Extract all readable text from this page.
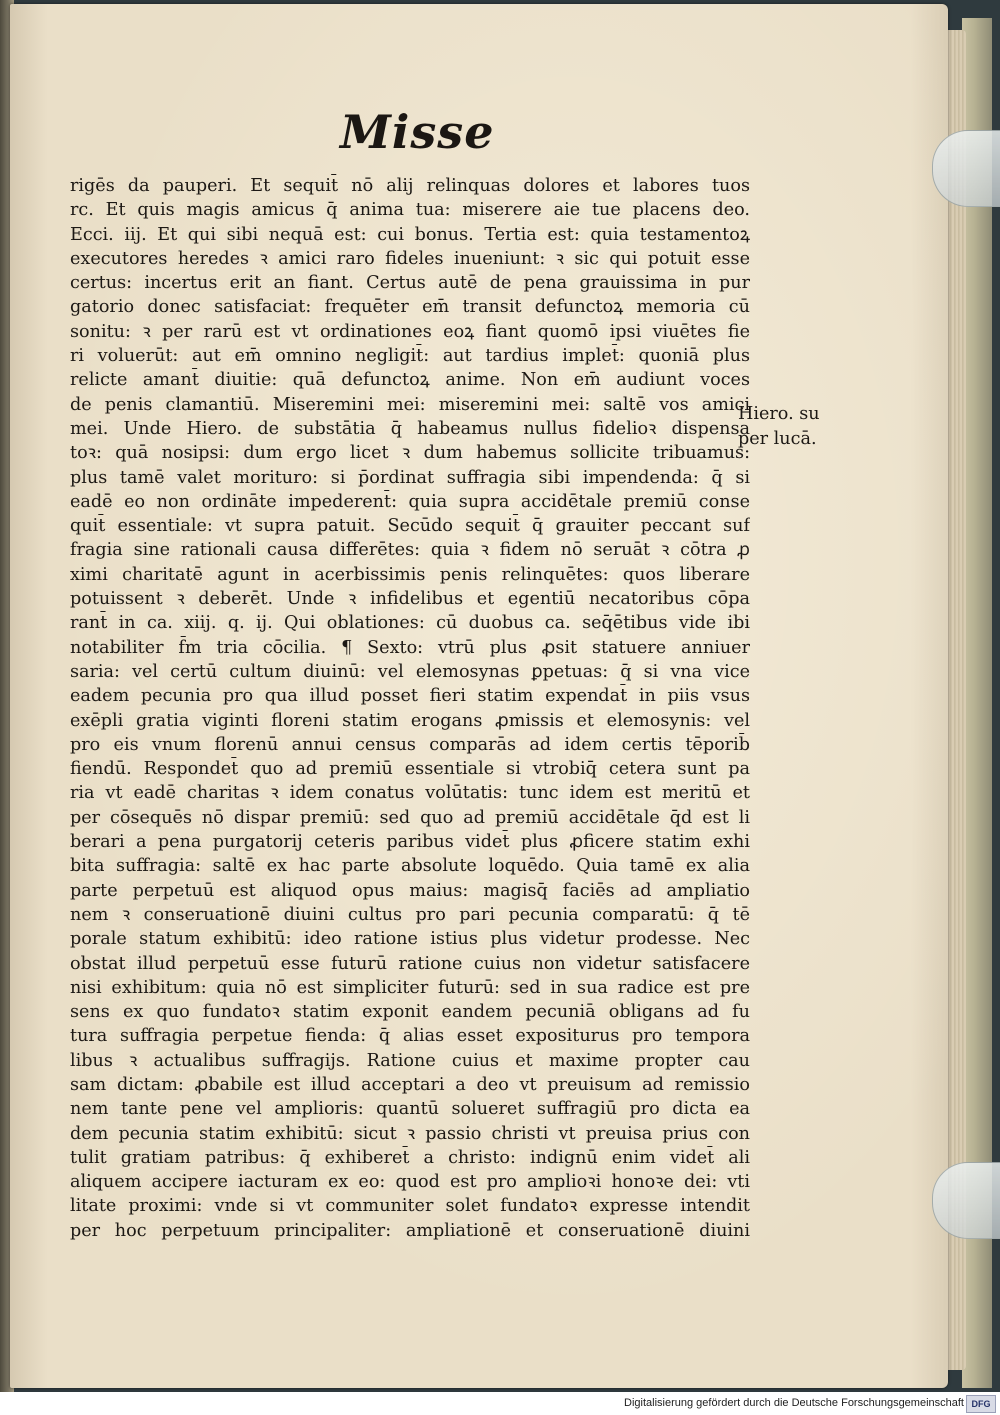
Misse
rigēs da pauperi. Et sequit̄ nō alij relinquas dolores et labores tuos
rc. Et quis magis amicus q̄ anima tua: miserere aie tue placens deo.
Ecci. iij. Et qui sibi nequā est: cui bonus. Tertia est: quia testamentoꝝ
executores heredes ꝛ amici raro fideles inueniunt: ꝛ sic qui potuit esse
certus: incertus erit an fiant. Certus autē de pena grauissima in pur
gatorio donec satisfaciat: frequēter em̄ transit defunctoꝝ memoria cū
sonitu: ꝛ per rarū est vt ordinationes eoꝝ fiant quomō ipsi viuētes fie
ri voluerūt: aut em̄ omnino negligit̄: aut tardius implet̄: quoniā plus
relicte amant̄ diuitie: quā defunctoꝝ anime. Non em̄ audiunt voces
de penis clamantiū. Miseremini mei: miseremini mei: saltē vos amici
mei. Unde Hiero. de substātia q̄ habeamus nullus fidelioꝛ dispensa
toꝛ: quā nosipsi: dum ergo licet ꝛ dum habemus sollicite tribuamus:
plus tamē valet morituro: si p̄ordinat suffragia sibi impendenda: q̄ si
eadē eo non ordināte impederent̄: quia supra accidētale premiū conse
quit̄ essentiale: vt supra patuit. Secūdo sequit̄ q̄ grauiter peccant suf
fragia sine rationali causa differētes: quia ꝛ fidem nō seruāt ꝛ cōtra ꝓ
ximi charitatē agunt in acerbissimis penis relinquētes: quos liberare
potuissent ꝛ deberēt. Unde ꝛ infidelibus et egentiū necatoribus cōpa
rant̄ in ca. xiij. q. ij. Qui oblationes: cū duobus ca. seq̄ētibus vide ibi
notabiliter f̄m tria cōcilia. ¶ Sexto: vtrū plus ꝓsit statuere anniuer
saria: vel certū cultum diuinū: vel elemosynas ꝑpetuas: q̄ si vna vice
eadem pecunia pro qua illud posset fieri statim expendat̄ in piis vsus
exēpli gratia viginti floreni statim erogans ꝓmissis et elemosynis: vel
pro eis vnum florenū annui census comparās ad idem certis tēporib̄
fiendū. Respondet̄ quo ad premiū essentiale si vtrobiq̄ cetera sunt pa
ria vt eadē charitas ꝛ idem conatus volūtatis: tunc idem est meritū et
per cōsequēs nō dispar premiū: sed quo ad premiū accidētale q̄d est li
berari a pena purgatorij ceteris paribus videt̄ plus ꝓficere statim exhi
bita suffragia: saltē ex hac parte absolute loquēdo. Quia tamē ex alia
parte perpetuū est aliquod opus maius: magisq̄ faciēs ad ampliatio
nem ꝛ conseruationē diuini cultus pro pari pecunia comparatū: q̄ tē
porale statum exhibitū: ideo ratione istius plus videtur prodesse. Nec
obstat illud perpetuū esse futurū ratione cuius non videtur satisfacere
nisi exhibitum: quia nō est simpliciter futurū: sed in sua radice est pre
sens ex quo fundatoꝛ statim exponit eandem pecuniā obligans ad fu
tura suffragia perpetue fienda: q̄ alias esset expositurus pro tempora
libus ꝛ actualibus suffragijs. Ratione cuius et maxime propter cau
sam dictam: ꝓbabile est illud acceptari a deo vt preuisum ad remissio
nem tante pene vel amplioris: quantū solueret suffragiū pro dicta ea
dem pecunia statim exhibitū: sicut ꝛ passio christi vt preuisa prius con
tulit gratiam patribus: q̄ exhiberet̄ a christo: indignū enim videt̄ ali
aliquem accipere iacturam ex eo: quod est pro amplioꝛi honoꝛe dei: vti
litate proximi: vnde si vt communiter solet fundatoꝛ expresse intendit
per hoc perpetuum principaliter: ampliationē et conseruationē diuini
Hiero. su
per lucā.
Digitalisierung gefördert durch die Deutsche Forschungsgemeinschaft DFG
